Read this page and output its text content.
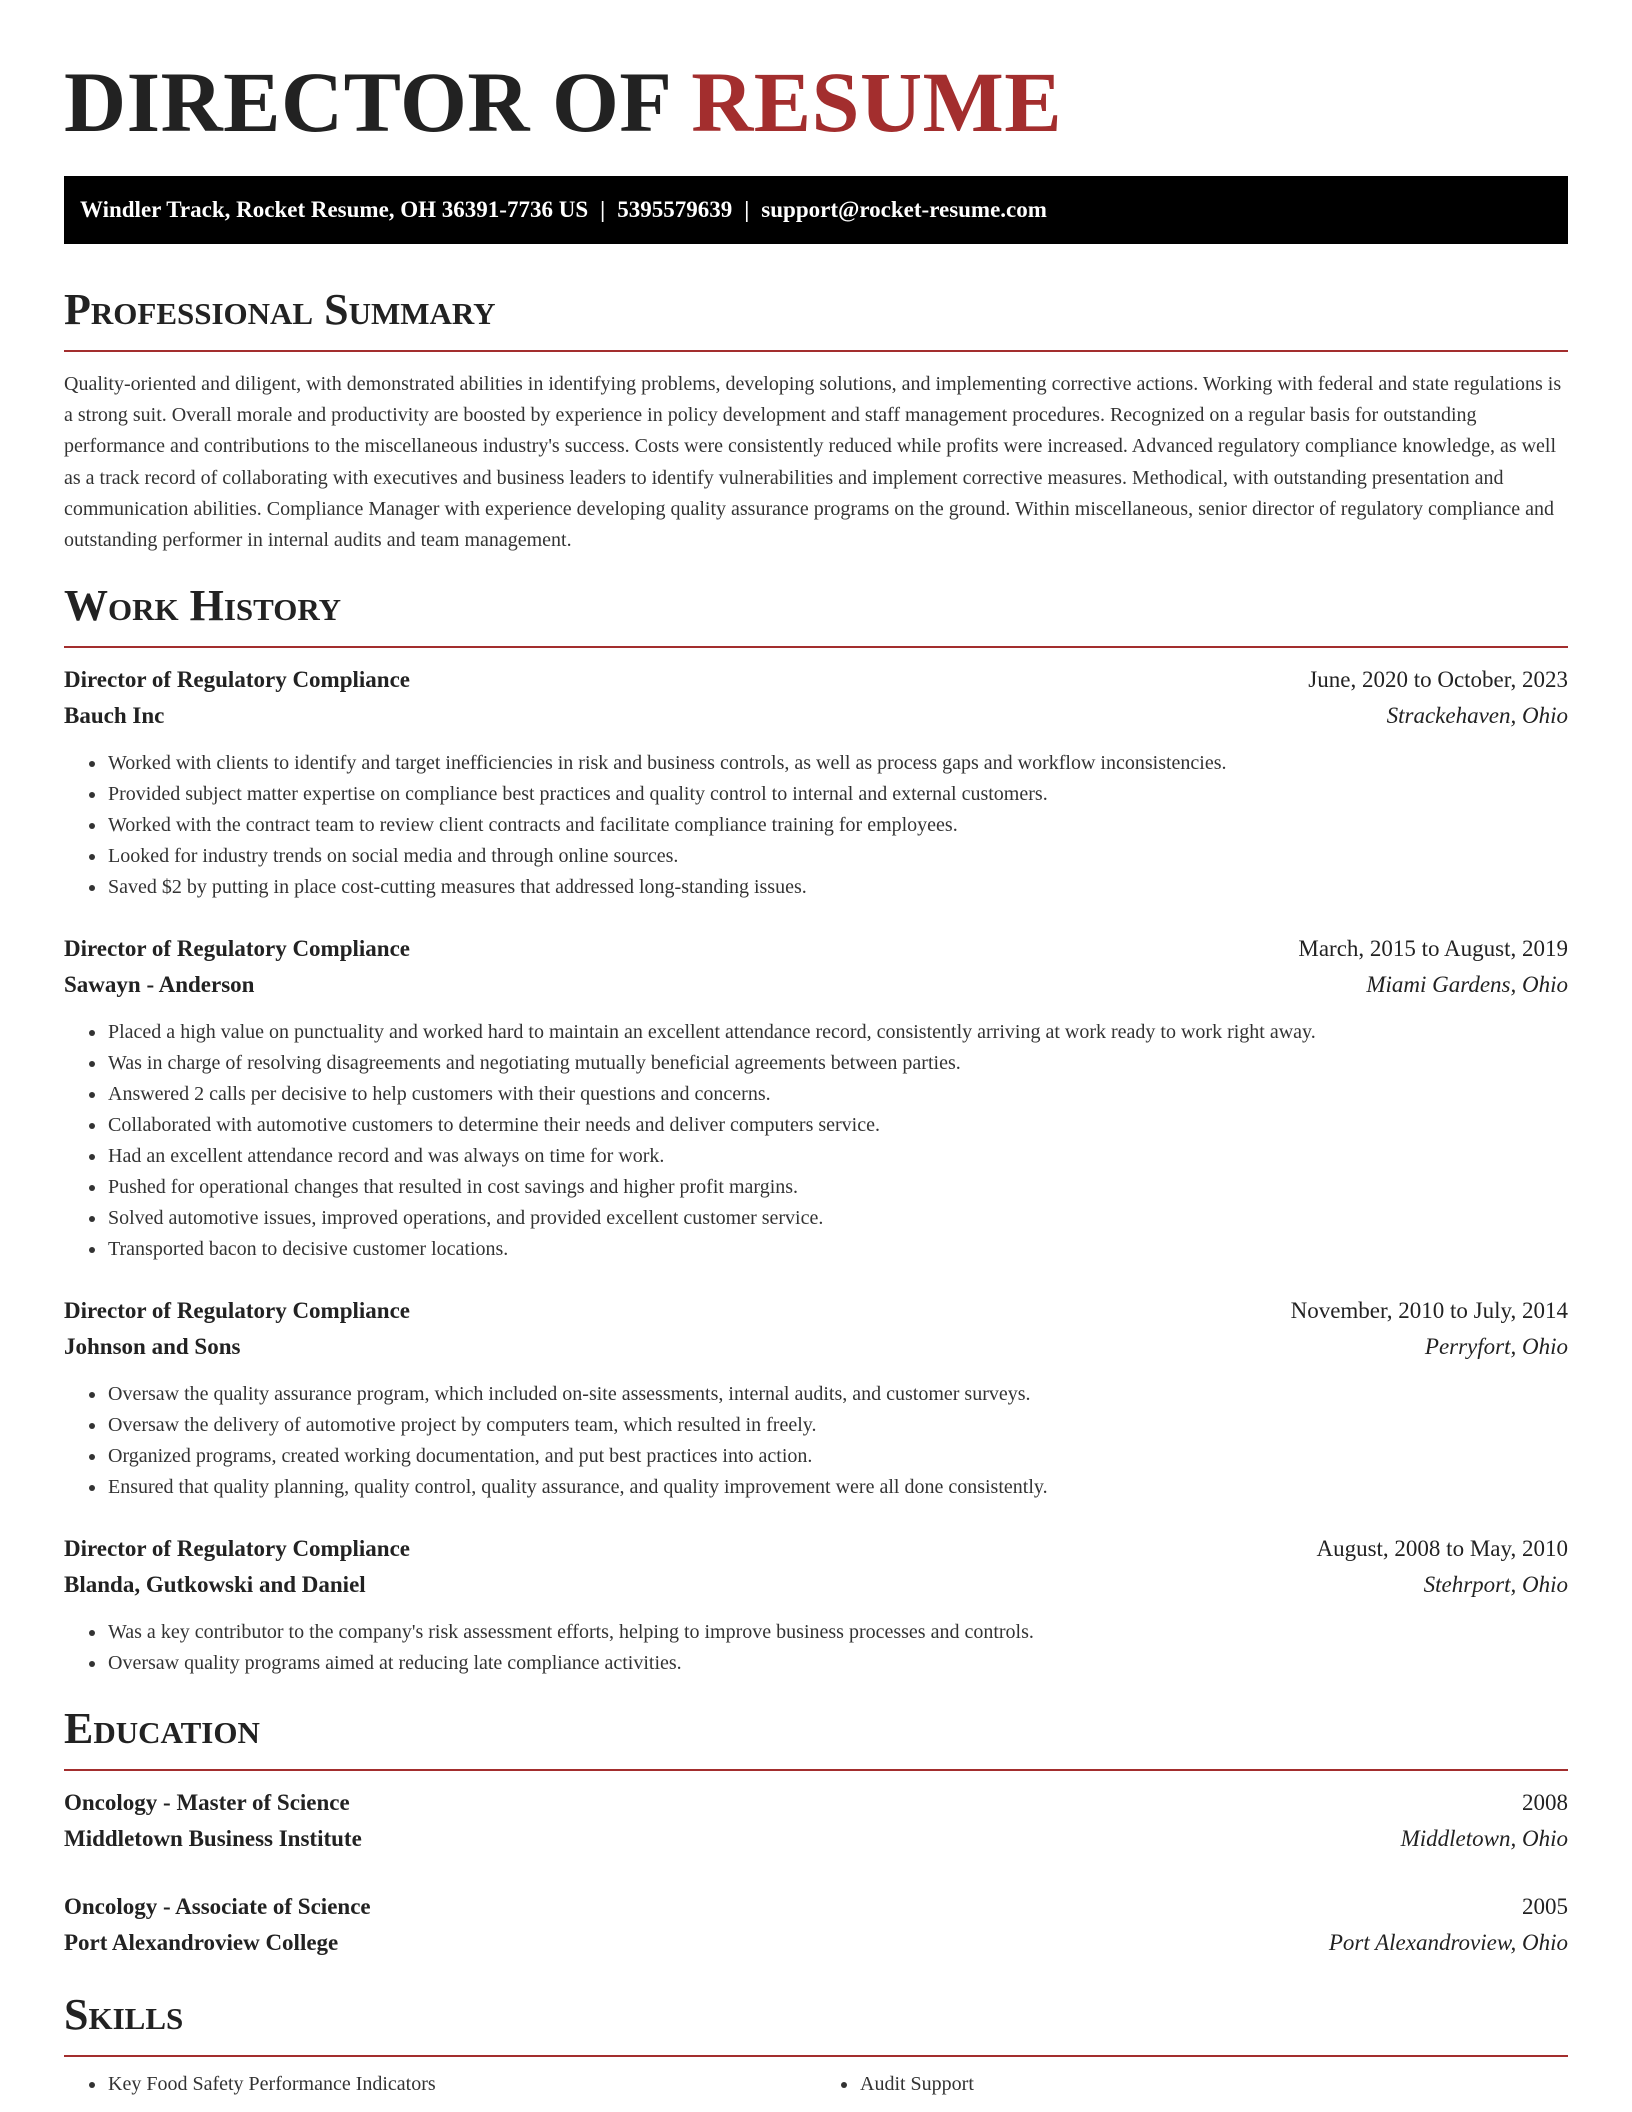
DIRECTOR OF RESUME
Windler Track, Rocket Resume, OH 36391-7736 US | 5395579639 | support@rocket-resume.com
Professional Summary

Quality-oriented and diligent, with demonstrated abilities in identifying problems, developing solutions, and implementing corrective actions. Working with federal and state regulations is a strong suit. Overall morale and productivity are boosted by experience in policy development and staff management procedures. Recognized on a regular basis for outstanding performance and contributions to the miscellaneous industry's success. Costs were consistently reduced while profits were increased. Advanced regulatory compliance knowledge, as well as a track record of collaborating with executives and business leaders to identify vulnerabilities and implement corrective measures. Methodical, with outstanding presentation and communication abilities. Compliance Manager with experience developing quality assurance programs on the ground. Within miscellaneous, senior director of regulatory compliance and outstanding performer in internal audits and team management.

Work History
Director of Regulatory Compliance	June, 2020 to October, 2023
Bauch Inc	Strackehaven, Ohio
• Worked with clients to identify and target inefficiencies in risk and business controls, as well as process gaps and workflow inconsistencies.
• Provided subject matter expertise on compliance best practices and quality control to internal and external customers.
• Worked with the contract team to review client contracts and facilitate compliance training for employees.
• Looked for industry trends on social media and through online sources.
• Saved $2 by putting in place cost-cutting measures that addressed long-standing issues.
Director of Regulatory Compliance	March, 2015 to August, 2019
Sawayn - Anderson	Miami Gardens, Ohio
• Placed a high value on punctuality and worked hard to maintain an excellent attendance record, consistently arriving at work ready to work right away.
• Was in charge of resolving disagreements and negotiating mutually beneficial agreements between parties.
• Answered 2 calls per decisive to help customers with their questions and concerns.
• Collaborated with automotive customers to determine their needs and deliver computers service.
• Had an excellent attendance record and was always on time for work.
• Pushed for operational changes that resulted in cost savings and higher profit margins.
• Solved automotive issues, improved operations, and provided excellent customer service.
• Transported bacon to decisive customer locations.
Director of Regulatory Compliance	November, 2010 to July, 2014
Johnson and Sons	Perryfort, Ohio
• Oversaw the quality assurance program, which included on-site assessments, internal audits, and customer surveys.
• Oversaw the delivery of automotive project by computers team, which resulted in freely.
• Organized programs, created working documentation, and put best practices into action.
• Ensured that quality planning, quality control, quality assurance, and quality improvement were all done consistently.
Director of Regulatory Compliance	August, 2008 to May, 2010
Blanda, Gutkowski and Daniel	Stehrport, Ohio
• Was a key contributor to the company's risk assessment efforts, helping to improve business processes and controls.
• Oversaw quality programs aimed at reducing late compliance activities.
Education
Oncology - Master of Science	2008
Middletown Business Institute	Middletown, Ohio
Oncology - Associate of Science	2005
Port Alexandroview College	Port Alexandroview, Ohio
Skills
• Key Food Safety Performance Indicators
•	Audit Support
